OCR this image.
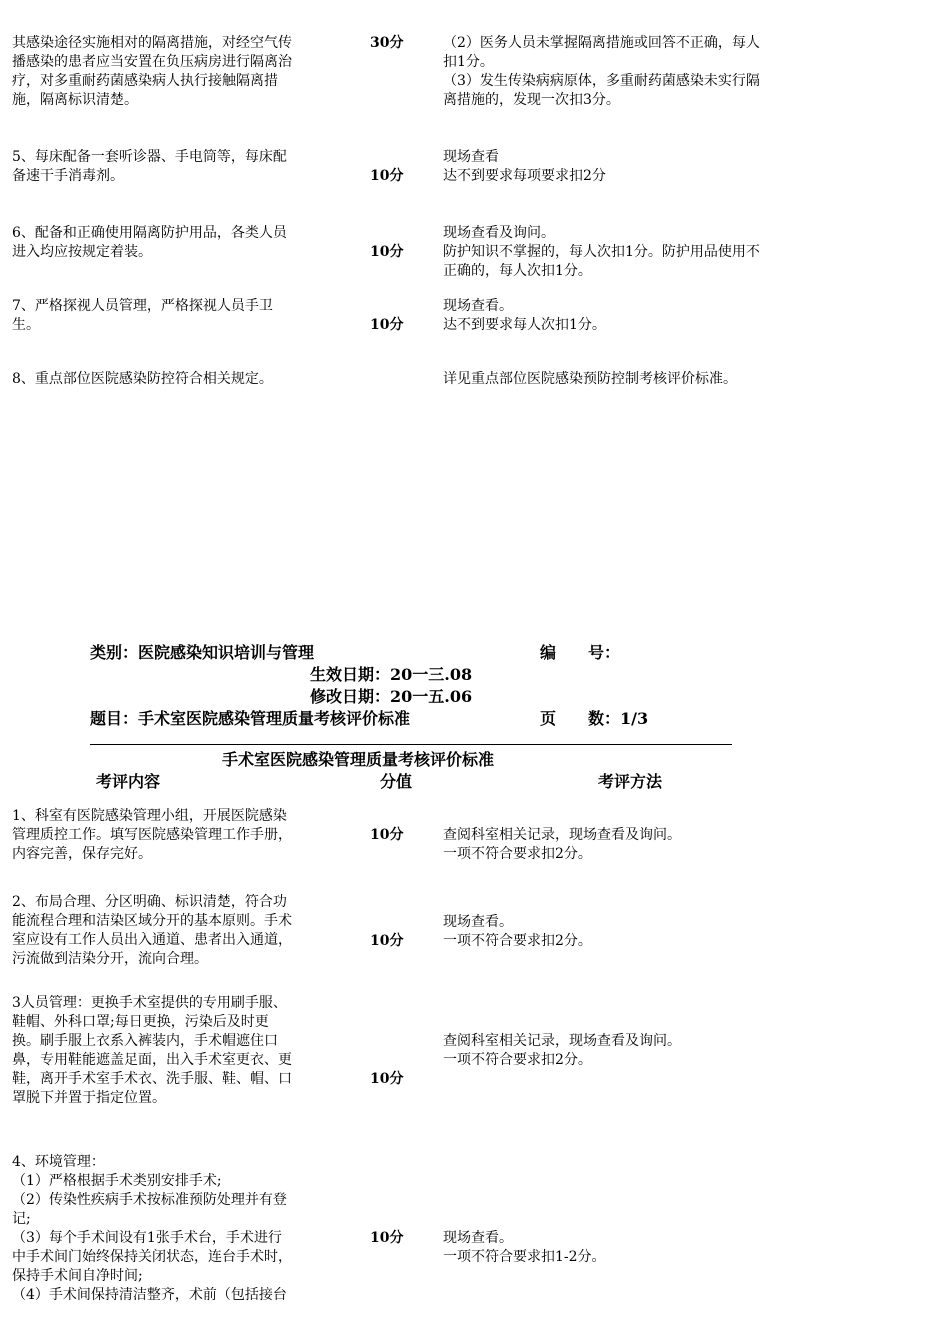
其感染途径实施相对的隔离措施，对经空气传
播感染的患者应当安置在负压病房进行隔离治
疗，对多重耐药菌感染病人执行接触隔离措
施，隔离标识清楚。
30分	（2）医务人员未掌握隔离措施或回答不正确，每人
扣1分。
（3）发生传染病病原体，多重耐药菌感染未实行隔
离措施的，发现一次扣3分。
5、每床配备一套听诊器、手电筒等，每床配
备速干手消毒剂。	10分
现场查看
达不到要求每项要求扣2分
6、配备和正确使用隔离防护用品，各类人员
进入均应按规定着装。	10分
现场查看及询问。
防护知识不掌握的，每人次扣1分。防护用品使用不
正确的，每人次扣1分。
7、严格探视人员管理，严格探视人员手卫
生。	10分
现场查看。
达不到要求每人次扣1分。
8、重点部位医院感染防控符合相关规定。	详见重点部位医院感染预防控制考核评价标准。
类别：医院感染知识培训与管理	编　　号：
生效日期：20一三.08
修改日期：20一五.06
题目：手术室医院感染管理质量考核评价标准	页　　数：1/3
手术室医院感染管理质量考核评价标准
考评内容	分值	考评方法
1、科室有医院感染管理小组，开展医院感染
管理质控工作。填写医院感染管理工作手册，
内容完善，保存完好。
10分	查阅科室相关记录，现场查看及询问。
一项不符合要求扣2分。
2、布局合理、分区明确、标识清楚，符合功
能流程合理和洁染区域分开的基本原则。手术
室应设有工作人员出入通道、患者出入通道，
污流做到洁染分开，流向合理。
10分
现场查看。
一项不符合要求扣2分。
3人员管理：更换手术室提供的专用刷手服、
鞋帽、外科口罩;每日更换，污染后及时更
换。刷手服上衣系入裤装内，手术帽遮住口
鼻，专用鞋能遮盖足面，出入手术室更衣、更
鞋，离开手术室手术衣、洗手服、鞋、帽、口
罩脱下并置于指定位置。
10分
查阅科室相关记录，现场查看及询问。
一项不符合要求扣2分。
4、环境管理：
（1）严格根据手术类别安排手术;
（2）传染性疾病手术按标准预防处理并有登
记;
（3）每个手术间设有1张手术台，手术进行
中手术间门始终保持关闭状态，连台手术时，
保持手术间自净时间;
（4）手术间保持清洁整齐，术前（包括接台
10分	现场查看。
一项不符合要求扣1-2分。
